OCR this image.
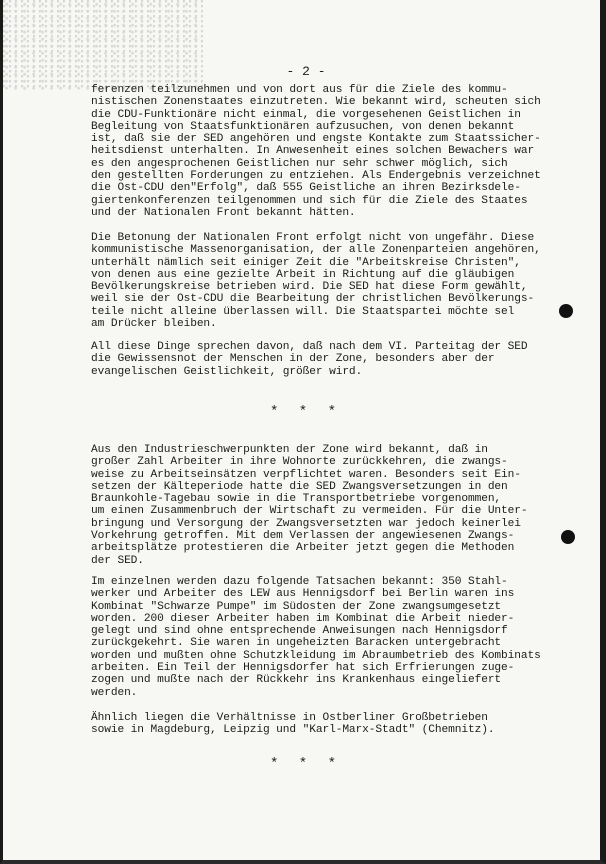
- 2 -
ferenzen teilzunehmen und von dort aus für die Ziele des kommu-
nistischen Zonenstaates einzutreten. Wie bekannt wird, scheuten sich
die CDU-Funktionäre nicht einmal, die vorgesehenen Geistlichen in
Begleitung von Staatsfunktionären aufzusuchen, von denen bekannt
ist, daß sie der SED angehören und engste Kontakte zum Staatssicher-
heitsdienst unterhalten. In Anwesenheit eines solchen Bewachers war
es den angesprochenen Geistlichen nur sehr schwer möglich, sich
den gestellten Forderungen zu entziehen. Als Endergebnis verzeichnet
die Ost-CDU den"Erfolg", daß 555 Geistliche an ihren Bezirksdele-
giertenkonferenzen teilgenommen und sich für die Ziele des Staates
und der Nationalen Front bekannt hätten.
Die Betonung der Nationalen Front erfolgt nicht von ungefähr. Diese
kommunistische Massenorganisation, der alle Zonenparteien angehören,
unterhält nämlich seit einiger Zeit die "Arbeitskreise Christen",
von denen aus eine gezielte Arbeit in Richtung auf die gläubigen
Bevölkerungskreise betrieben wird. Die SED hat diese Form gewählt,
weil sie der Ost-CDU die Bearbeitung der christlichen Bevölkerungs-
teile nicht alleine überlassen will. Die Staatspartei möchte sel
am Drücker bleiben.
All diese Dinge sprechen davon, daß nach dem VI. Parteitag der SED
die Gewissensnot der Menschen in der Zone, besonders aber der
evangelischen Geistlichkeit, größer wird.
* * *
Aus den Industrieschwerpunkten der Zone wird bekannt, daß in
großer Zahl Arbeiter in ihre Wohnorte zurückkehren, die zwangs-
weise zu Arbeitseinsätzen verpflichtet waren. Besonders seit Ein-
setzen der Kälteperiode hatte die SED Zwangsversetzungen in den
Braunkohle-Tagebau sowie in die Transportbetriebe vorgenommen,
um einen Zusammenbruch der Wirtschaft zu vermeiden. Für die Unter-
bringung und Versorgung der Zwangsversetzten war jedoch keinerlei
Vorkehrung getroffen. Mit dem Verlassen der angewiesenen Zwangs-
arbeitsplätze protestieren die Arbeiter jetzt gegen die Methoden
der SED.
Im einzelnen werden dazu folgende Tatsachen bekannt: 350 Stahl-
werker und Arbeiter des LEW aus Hennigsdorf bei Berlin waren ins
Kombinat "Schwarze Pumpe" im Südosten der Zone zwangsumgesetzt
worden. 200 dieser Arbeiter haben im Kombinat die Arbeit nieder-
gelegt und sind ohne entsprechende Anweisungen nach Hennigsdorf
zurückgekehrt. Sie waren in ungeheizten Baracken untergebracht
worden und mußten ohne Schutzkleidung im Abraumbetrieb des Kombinats
arbeiten. Ein Teil der Hennigsdorfer hat sich Erfrierungen zuge-
zogen und mußte nach der Rückkehr ins Krankenhaus eingeliefert
werden.
Ähnlich liegen die Verhältnisse in Ostberliner Großbetrieben
sowie in Magdeburg, Leipzig und "Karl-Marx-Stadt" (Chemnitz).
* * *
